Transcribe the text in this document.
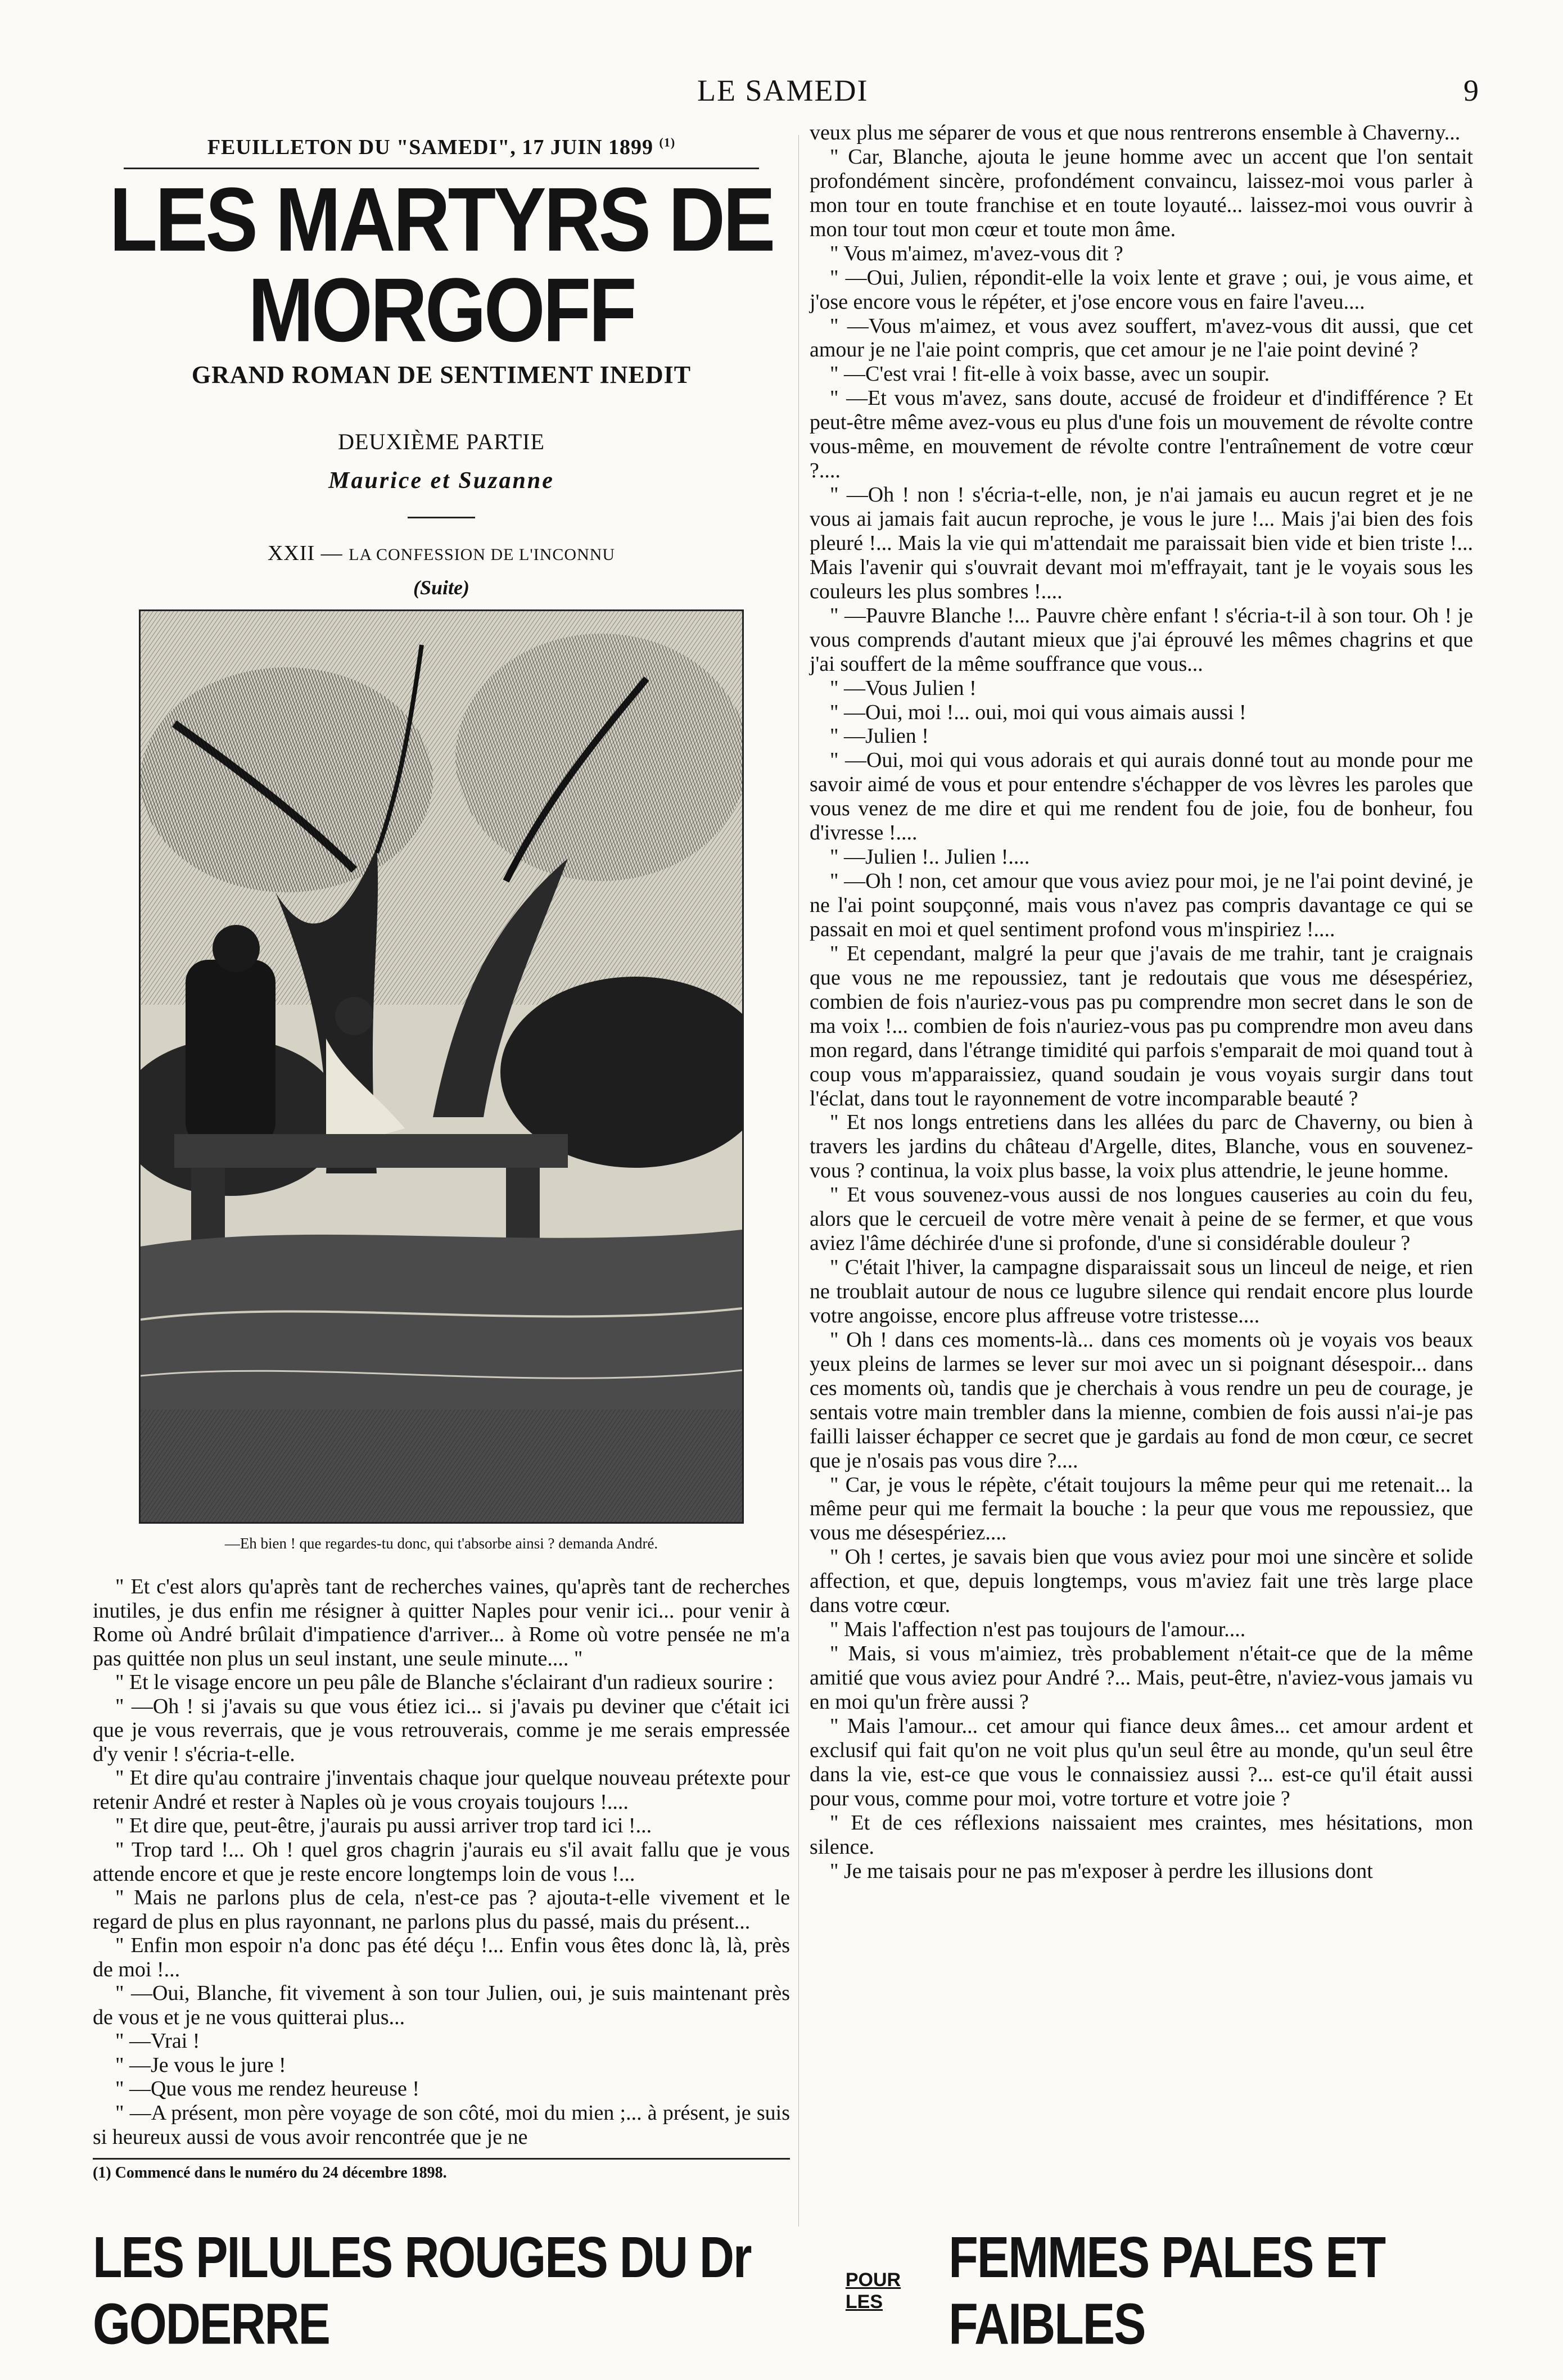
LE SAMEDI	9
FEUILLETON DU "SAMEDI", 17 JUIN 1899 $^{(1)}$
LES MARTYRS DE MORGOFF
GRAND ROMAN DE SENTIMENT INEDIT
DEUXIÈME PARTIE
Maurice et Suzanne
XXII — LA CONFESSION DE L'INCONNU
(Suite)
—Eh bien ! que regardes-tu donc, qui t'absorbe ainsi ? demanda André.

" Et c'est alors qu'après tant de recherches vaines, qu'après tant de recherches inutiles, je dus enfin me résigner à quitter Naples pour venir ici... pour venir à Rome où André brûlait d'impatience d'arriver... à Rome où votre pensée ne m'a pas quittée non plus un seul instant, une seule minute.... "

" Et le visage encore un peu pâle de Blanche s'éclairant d'un radieux sourire :

" —Oh ! si j'avais su que vous étiez ici... si j'avais pu deviner que c'était ici que je vous reverrais, que je vous retrouverais, comme je me serais empressée d'y venir ! s'écria-t-elle.

" Et dire qu'au contraire j'inventais chaque jour quelque nouveau prétexte pour retenir André et rester à Naples où je vous croyais toujours !....

" Et dire que, peut-être, j'aurais pu aussi arriver trop tard ici !...

" Trop tard !... Oh ! quel gros chagrin j'aurais eu s'il avait fallu que je vous attende encore et que je reste encore longtemps loin de vous !...

" Mais ne parlons plus de cela, n'est-ce pas ? ajouta-t-elle vivement et le regard de plus en plus rayonnant, ne parlons plus du passé, mais du présent...

" Enfin mon espoir n'a donc pas été déçu !... Enfin vous êtes donc là, là, près de moi !...

" —Oui, Blanche, fit vivement à son tour Julien, oui, je suis maintenant près de vous et je ne vous quitterai plus...

" —Vrai !

" —Je vous le jure !

" —Que vous me rendez heureuse !

" —A présent, mon père voyage de son côté, moi du mien ;... à présent, je suis si heureux aussi de vous avoir rencontrée que je ne

(1) Commencé dans le numéro du 24 décembre 1898.

veux plus me séparer de vous et que nous rentrerons ensemble à Chaverny...

" Car, Blanche, ajouta le jeune homme avec un accent que l'on sentait profondément sincère, profondément convaincu, laissez-moi vous parler à mon tour en toute franchise et en toute loyauté... laissez-moi vous ouvrir à mon tour tout mon cœur et toute mon âme.

" Vous m'aimez, m'avez-vous dit ?

" —Oui, Julien, répondit-elle la voix lente et grave ; oui, je vous aime, et j'ose encore vous le répéter, et j'ose encore vous en faire l'aveu....

" —Vous m'aimez, et vous avez souffert, m'avez-vous dit aussi, que cet amour je ne l'aie point compris, que cet amour je ne l'aie point deviné ?

" —C'est vrai ! fit-elle à voix basse, avec un soupir.

" —Et vous m'avez, sans doute, accusé de froideur et d'indifférence ? Et peut-être même avez-vous eu plus d'une fois un mouvement de révolte contre vous-même, en mouvement de révolte contre l'entraînement de votre cœur ?....

" —Oh ! non ! s'écria-t-elle, non, je n'ai jamais eu aucun regret et je ne vous ai jamais fait aucun reproche, je vous le jure !... Mais j'ai bien des fois pleuré !... Mais la vie qui m'attendait me paraissait bien vide et bien triste !... Mais l'avenir qui s'ouvrait devant moi m'effrayait, tant je le voyais sous les couleurs les plus sombres !....

" —Pauvre Blanche !... Pauvre chère enfant ! s'écria-t-il à son tour. Oh ! je vous comprends d'autant mieux que j'ai éprouvé les mêmes chagrins et que j'ai souffert de la même souffrance que vous...

" —Vous Julien !

" —Oui, moi !... oui, moi qui vous aimais aussi !

" —Julien !

" —Oui, moi qui vous adorais et qui aurais donné tout au monde pour me savoir aimé de vous et pour entendre s'échapper de vos lèvres les paroles que vous venez de me dire et qui me rendent fou de joie, fou de bonheur, fou d'ivresse !....

" —Julien !.. Julien !....

" —Oh ! non, cet amour que vous aviez pour moi, je ne l'ai point deviné, je ne l'ai point soupçonné, mais vous n'avez pas compris davantage ce qui se passait en moi et quel sentiment profond vous m'inspiriez !....

" Et cependant, malgré la peur que j'avais de me trahir, tant je craignais que vous ne me repoussiez, tant je redoutais que vous me désespériez, combien de fois n'auriez-vous pas pu comprendre mon secret dans le son de ma voix !... combien de fois n'auriez-vous pas pu comprendre mon aveu dans mon regard, dans l'étrange timidité qui parfois s'emparait de moi quand tout à coup vous m'apparaissiez, quand soudain je vous voyais surgir dans tout l'éclat, dans tout le rayonnement de votre incomparable beauté ?

" Et nos longs entretiens dans les allées du parc de Chaverny, ou bien à travers les jardins du château d'Argelle, dites, Blanche, vous en souvenez-vous ? continua, la voix plus basse, la voix plus attendrie, le jeune homme.

" Et vous souvenez-vous aussi de nos longues causeries au coin du feu, alors que le cercueil de votre mère venait à peine de se fermer, et que vous aviez l'âme déchirée d'une si profonde, d'une si considérable douleur ?

" C'était l'hiver, la campagne disparaissait sous un linceul de neige, et rien ne troublait autour de nous ce lugubre silence qui rendait encore plus lourde votre angoisse, encore plus affreuse votre tristesse....

" Oh ! dans ces moments-là... dans ces moments où je voyais vos beaux yeux pleins de larmes se lever sur moi avec un si poignant désespoir... dans ces moments où, tandis que je cherchais à vous rendre un peu de courage, je sentais votre main trembler dans la mienne, combien de fois aussi n'ai-je pas failli laisser échapper ce secret que je gardais au fond de mon cœur, ce secret que je n'osais pas vous dire ?....

" Car, je vous le répète, c'était toujours la même peur qui me retenait... la même peur qui me fermait la bouche : la peur que vous me repoussiez, que vous me désespériez....

" Oh ! certes, je savais bien que vous aviez pour moi une sincère et solide affection, et que, depuis longtemps, vous m'aviez fait une très large place dans votre cœur.

" Mais l'affection n'est pas toujours de l'amour....

" Mais, si vous m'aimiez, très probablement n'était-ce que de la même amitié que vous aviez pour André ?... Mais, peut-être, n'aviez-vous jamais vu en moi qu'un frère aussi ?

" Mais l'amour... cet amour qui fiance deux âmes... cet amour ardent et exclusif qui fait qu'on ne voit plus qu'un seul être au monde, qu'un seul être dans la vie, est-ce que vous le connaissiez aussi ?... est-ce qu'il était aussi pour vous, comme pour moi, votre torture et votre joie ?

" Et de ces réflexions naissaient mes craintes, mes hésitations, mon silence.

" Je me taisais pour ne pas m'exposer à perdre les illusions dont

LES PILULES ROUGES DU Dr GODERRE
POUR LES
FEMMES PALES ET FAIBLES
